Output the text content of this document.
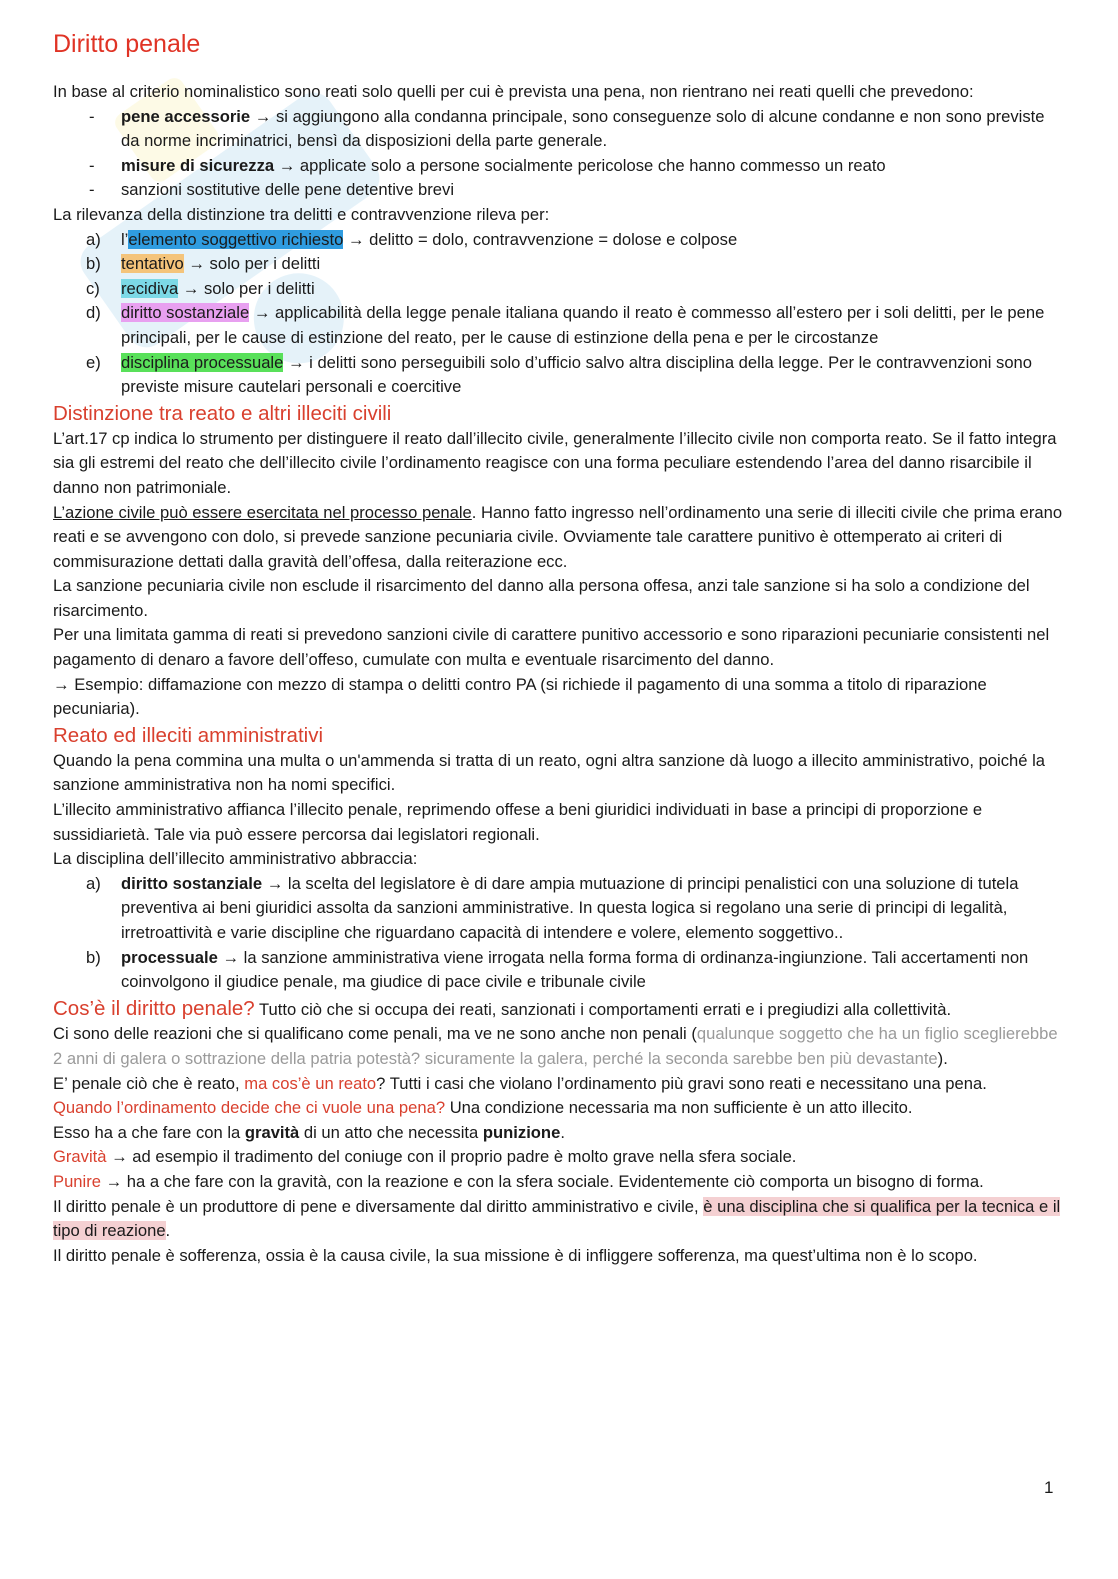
Diritto penale

In base al criterio nominalistico sono reati solo quelli per cui è prevista una pena, non rientrano nei reati quelli che prevedono:

- pene accessorie → si aggiungono alla condanna principale, sono conseguenze solo di alcune condanne e non sono previste da norme incriminatrici, bensì da disposizioni della parte generale.
- misure di sicurezza → applicate solo a persone socialmente pericolose che hanno commesso un reato
- sanzioni sostitutive delle pene detentive brevi

La rilevanza della distinzione tra delitti e contravvenzione rileva per:

a) l’elemento soggettivo richiesto → delitto = dolo, contravvenzione = dolose e colpose
b) tentativo → solo per i delitti
c) recidiva → solo per i delitti
d) diritto sostanziale → applicabilità della legge penale italiana quando il reato è commesso all’estero per i soli delitti, per le pene principali, per le cause di estinzione del reato, per le cause di estinzione della pena e per le circostanze
e) disciplina processuale → i delitti sono perseguibili solo d’ufficio salvo altra disciplina della legge. Per le contravvenzioni sono previste misure cautelari personali e coercitive
Distinzione tra reato e altri illeciti civili

L’art.17 cp indica lo strumento per distinguere il reato dall’illecito civile, generalmente l’illecito civile non comporta reato. Se il fatto integra sia gli estremi del reato che dell’illecito civile l’ordinamento reagisce con una forma peculiare estendendo l’area del danno risarcibile il danno non patrimoniale.

L’azione civile può essere esercitata nel processo penale. Hanno fatto ingresso nell’ordinamento una serie di illeciti civile che prima erano reati e se avvengono con dolo, si prevede sanzione pecuniaria civile. Ovviamente tale carattere punitivo è ottemperato ai criteri di commisurazione dettati dalla gravità dell’offesa, dalla reiterazione ecc.

La sanzione pecuniaria civile non esclude il risarcimento del danno alla persona offesa, anzi tale sanzione si ha solo a condizione del risarcimento.

Per una limitata gamma di reati si prevedono sanzioni civile di carattere punitivo accessorio e sono riparazioni pecuniarie consistenti nel pagamento di denaro a favore dell’offeso, cumulate con multa e eventuale risarcimento del danno.

→ Esempio: diffamazione con mezzo di stampa o delitti contro PA (si richiede il pagamento di una somma a titolo di riparazione pecuniaria).

Reato ed illeciti amministrativi

Quando la pena commina una multa o un'ammenda si tratta di un reato, ogni altra sanzione dà luogo a illecito amministrativo, poiché la sanzione amministrativa non ha nomi specifici.

L’illecito amministrativo affianca l’illecito penale, reprimendo offese a beni giuridici individuati in base a principi di proporzione e sussidiarietà. Tale via può essere percorsa dai legislatori regionali.

La disciplina dell’illecito amministrativo abbraccia:

a) diritto sostanziale → la scelta del legislatore è di dare ampia mutuazione di principi penalistici con una soluzione di tutela preventiva ai beni giuridici assolta da sanzioni amministrative. In questa logica si regolano una serie di principi di legalità, irretroattività e varie discipline che riguardano capacità di intendere e volere, elemento soggettivo..
b) processuale → la sanzione amministrativa viene irrogata nella forma forma di ordinanza-ingiunzione. Tali accertamenti non coinvolgono il giudice penale, ma giudice di pace civile e tribunale civile

Cos’è il diritto penale? Tutto ciò che si occupa dei reati, sanzionati i comportamenti errati e i pregiudizi alla collettività.

Ci sono delle reazioni che si qualificano come penali, ma ve ne sono anche non penali (qualunque soggetto che ha un figlio sceglierebbe 2 anni di galera o sottrazione della patria potestà? sicuramente la galera, perché la seconda sarebbe ben più devastante).

E’ penale ciò che è reato, ma cos’è un reato? Tutti i casi che violano l’ordinamento più gravi sono reati e necessitano una pena.

Quando l’ordinamento decide che ci vuole una pena? Una condizione necessaria ma non sufficiente è un atto illecito.

Esso ha a che fare con la gravità di un atto che necessita punizione.

Gravità → ad esempio il tradimento del coniuge con il proprio padre è molto grave nella sfera sociale.

Punire → ha a che fare con la gravità, con la reazione e con la sfera sociale. Evidentemente ciò comporta un bisogno di forma.

Il diritto penale è un produttore di pene e diversamente dal diritto amministrativo e civile, è una disciplina che si qualifica per la tecnica e il tipo di reazione.

Il diritto penale è sofferenza, ossia è la causa civile, la sua missione è di infliggere sofferenza, ma quest’ultima non è lo scopo.

1
